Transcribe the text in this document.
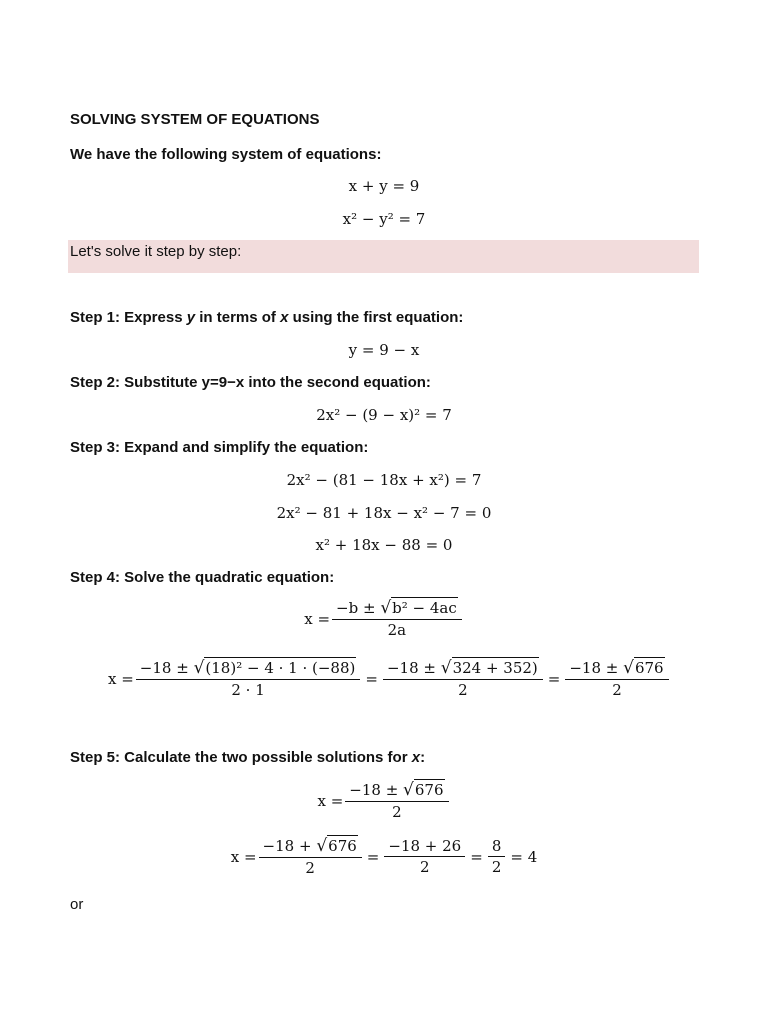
SOLVING SYSTEM OF EQUATIONS
We have the following system of equations:
x + y = 9
x² − y² = 7
Let's solve it step by step:
Step 1: Express y in terms of x using the first equation:
y = 9 − x
Step 2: Substitute y=9−x into the second equation:
2x² − (9 − x)² = 7
Step 3: Expand and simplify the equation:
2x² − (81 − 18x + x²) = 7
2x² − 81 + 18x − x² − 7 = 0
x² + 18x − 88 = 0
Step 4: Solve the quadratic equation:
$x = \frac{\text{−b ± √b² − 4ac}}{2a}$
$x = \frac{\text{−18 ± √(18)² − 4 · 1 · (−88)}}{2 \cdot 1} = \frac{-18 \pm √324 + 352)}{2} = \frac{-18 \pm √676}{2}$
Step 5: Calculate the two possible solutions for x:
$x = \frac{-18 \pm √676}{2}$
$x = \frac{-18 + √676}{2} = \frac{-18 + 26}{2} = \frac{8}{2} = 4$
or
